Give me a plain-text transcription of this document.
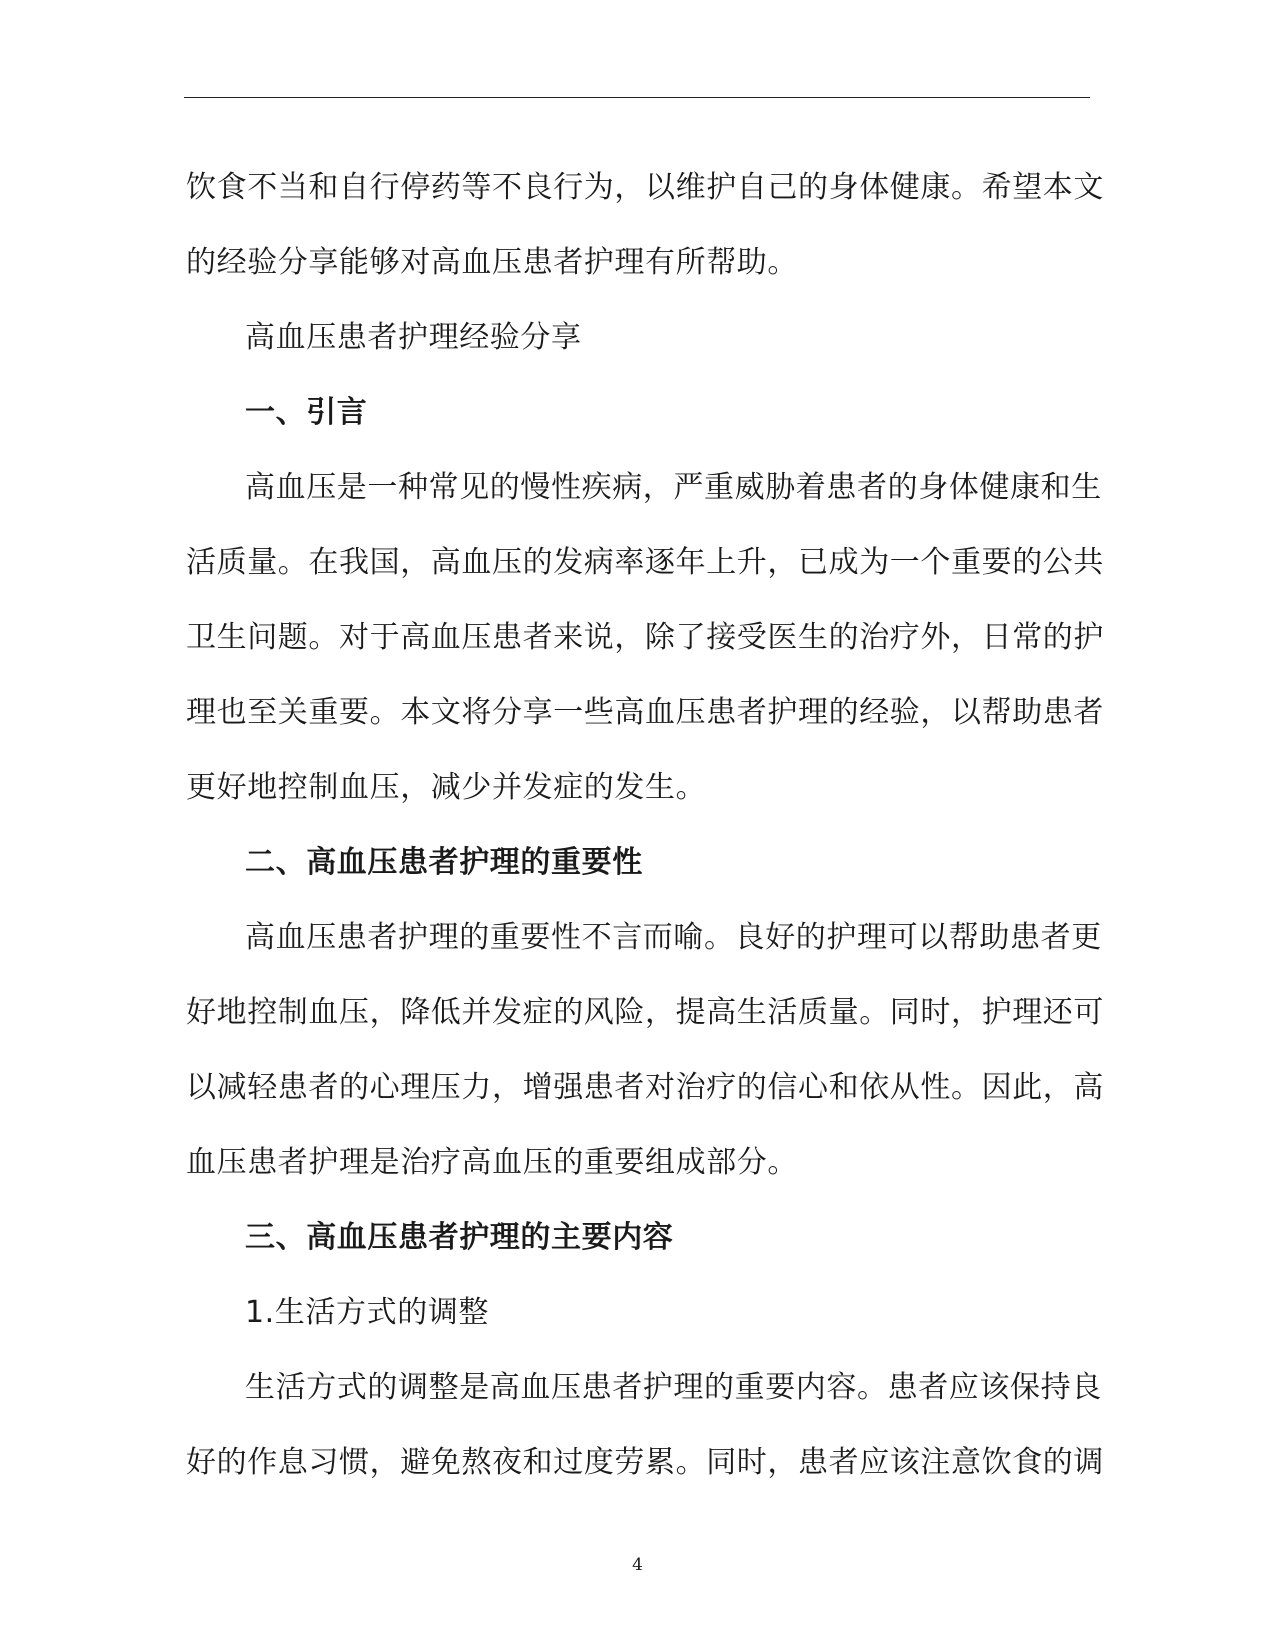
饮食不当和自行停药等不良行为，以维护自己的身体健康。希望本文
的经验分享能够对高血压患者护理有所帮助。
高血压患者护理经验分享
一、引言
高血压是一种常见的慢性疾病，严重威胁着患者的身体健康和生
活质量。在我国，高血压的发病率逐年上升，已成为一个重要的公共
卫生问题。对于高血压患者来说，除了接受医生的治疗外，日常的护
理也至关重要。本文将分享一些高血压患者护理的经验，以帮助患者
更好地控制血压，减少并发症的发生。
二、高血压患者护理的重要性
高血压患者护理的重要性不言而喻。良好的护理可以帮助患者更
好地控制血压，降低并发症的风险，提高生活质量。同时，护理还可
以减轻患者的心理压力，增强患者对治疗的信心和依从性。因此，高
血压患者护理是治疗高血压的重要组成部分。
三、高血压患者护理的主要内容
1.生活方式的调整
生活方式的调整是高血压患者护理的重要内容。患者应该保持良
好的作息习惯，避免熬夜和过度劳累。同时，患者应该注意饮食的调
4
